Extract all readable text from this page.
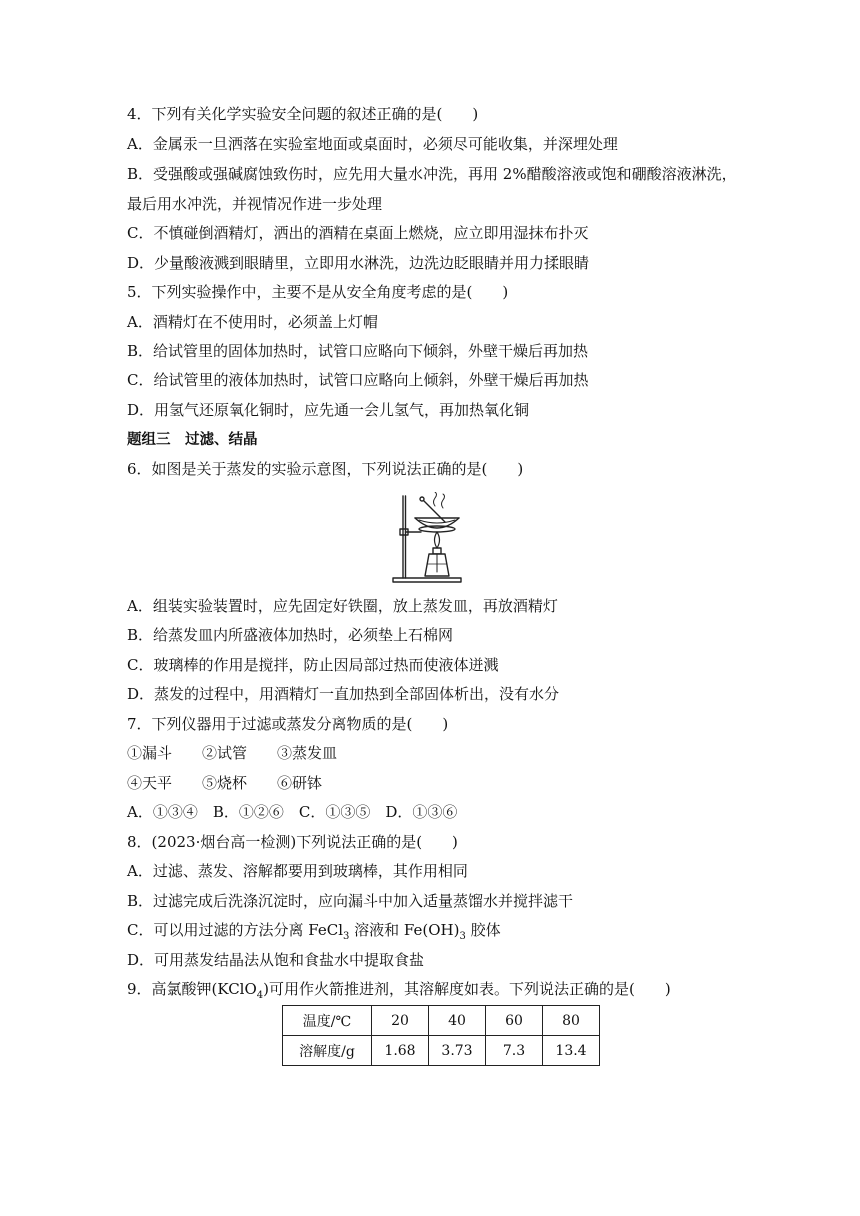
4．下列有关化学实验安全问题的叙述正确的是(　　)
A．金属汞一旦洒落在实验室地面或桌面时，必须尽可能收集，并深埋处理
B．受强酸或强碱腐蚀致伤时，应先用大量水冲洗，再用 2%醋酸溶液或饱和硼酸溶液淋洗，
最后用水冲洗，并视情况作进一步处理
C．不慎碰倒酒精灯，洒出的酒精在桌面上燃烧，应立即用湿抹布扑灭
D．少量酸液溅到眼睛里，立即用水淋洗，边洗边眨眼睛并用力揉眼睛
5．下列实验操作中，主要不是从安全角度考虑的是(　　)
A．酒精灯在不使用时，必须盖上灯帽
B．给试管里的固体加热时，试管口应略向下倾斜，外壁干燥后再加热
C．给试管里的液体加热时，试管口应略向上倾斜，外壁干燥后再加热
D．用氢气还原氧化铜时，应先通一会儿氢气，再加热氧化铜
题组三　过滤、结晶
6．如图是关于蒸发的实验示意图，下列说法正确的是(　　)
A．组装实验装置时，应先固定好铁圈，放上蒸发皿，再放酒精灯
B．给蒸发皿内所盛液体加热时，必须垫上石棉网
C．玻璃棒的作用是搅拌，防止因局部过热而使液体迸溅
D．蒸发的过程中，用酒精灯一直加热到全部固体析出，没有水分
7．下列仪器用于过滤或蒸发分离物质的是(　　)
①漏斗　　②试管　　③蒸发皿
④天平　　⑤烧杯　　⑥研钵
A．①③④　B．①②⑥　C．①③⑤　D．①③⑥
8．(2023·烟台高一检测)下列说法正确的是(　　)
A．过滤、蒸发、溶解都要用到玻璃棒，其作用相同
B．过滤完成后洗涤沉淀时，应向漏斗中加入适量蒸馏水并搅拌滤干
C．可以用过滤的方法分离 FeCl$_3$ 溶液和 $Fe(OH)_3$ 胶体
D．可用蒸发结晶法从饱和食盐水中提取食盐
9．高氯酸钾(KClO$_4$)可用作火箭推进剂，其溶解度如表。下列说法正确的是(　　)
温度/℃	20	40	60	80
溶解度/g	1.68	3.73	7.3	13.4
